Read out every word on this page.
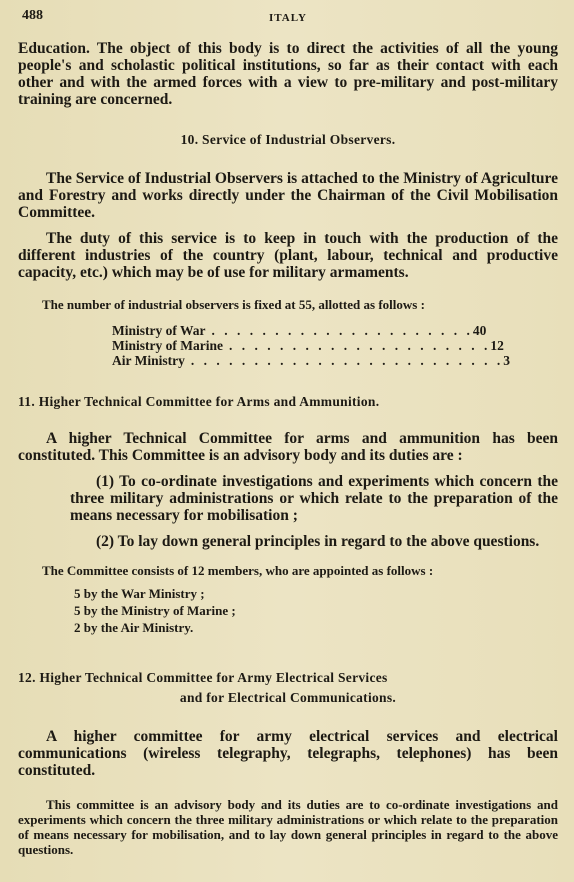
488	ITALY

Education. The object of this body is to direct the activities of all the young people's and scholastic political institutions, so far as their contact with each other and with the armed forces with a view to pre-military and post-military training are concerned.

10. Service of Industrial Observers.

The Service of Industrial Observers is attached to the Ministry of Agriculture and Forestry and works directly under the Chairman of the Civil Mobilisation Committee.

The duty of this service is to keep in touch with the production of the different industries of the country (plant, labour, technical and productive capacity, etc.) which may be of use for military armaments.

The number of industrial observers is fixed at 55, allotted as follows :

Ministry of War . . . . . . . . . . . . . . . . . . . . . 40
Ministry of Marine . . . . . . . . . . . . . . . . . . . . . 12
Air Ministry . . . . . . . . . . . . . . . . . . . . . . . . . 3

11. Higher Technical Committee for Arms and Ammunition.

A higher Technical Committee for arms and ammunition has been constituted. This Committee is an advisory body and its duties are :

(1) To co-ordinate investigations and experiments which concern the three military administrations or which relate to the preparation of the means necessary for mobilisation ;

(2) To lay down general principles in regard to the above questions.

The Committee consists of 12 members, who are appointed as follows :

5 by the War Ministry ;
5 by the Ministry of Marine ;
2 by the Air Ministry.

12. Higher Technical Committee for Army Electrical Services

and for Electrical Communications.

A higher committee for army electrical services and electrical communications (wireless telegraphy, telegraphs, telephones) has been constituted.

This committee is an advisory body and its duties are to co-ordinate investigations and experiments which concern the three military administrations or which relate to the preparation of means necessary for mobilisation, and to lay down general principles in regard to the above questions.
